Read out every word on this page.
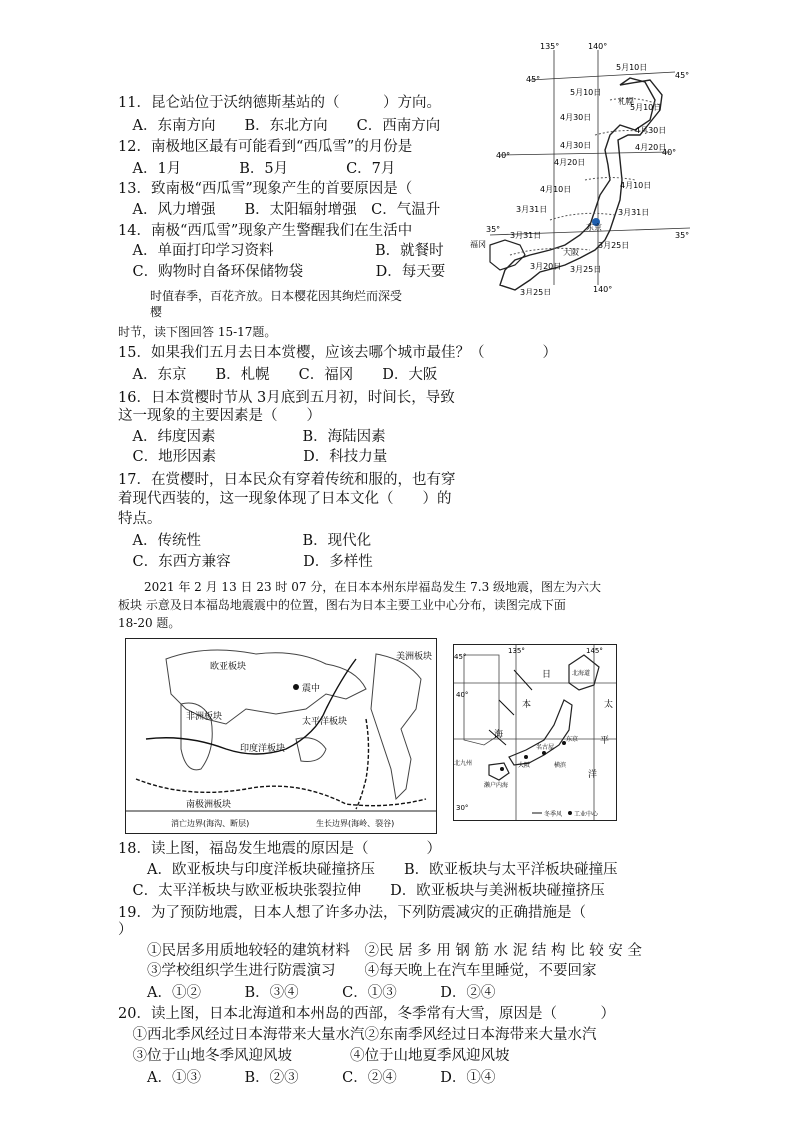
11．昆仑站位于沃纳德斯基站的（　　　）方向。
　A．东南方向　　B．东北方向　　C．西南方向
12．南极地区最有可能看到“西瓜雪”的月份是
　A．1月　　　　B．5月　　　　C．7月
13．致南极“西瓜雪”现象产生的首要原因是（
　A．风力增强　　B．太阳辐射增强　C．气温升
14．南极“西瓜雪”现象产生警醒我们在生活中
　A．单面打印学习资料　　　　　　　B．就餐时
　C．购物时自备环保储物袋　　　　　D．每天要
时值春季，百花齐放。日本樱花因其绚烂而深受
樱
时节，读下图回答 15-17题。
135°	140°
45°	45°
40°	40°
35°
35°
5月10日
5月10日
5月10日
4月30日
4月30日
4月30日	4月20日
4月20日
4月10日
4月10日
3月31日
3月31日
3月25日
3月25日
3月20日
3月25日
3月31日
札幌
东京
大阪
福冈
140°
15．如果我们五月去日本赏樱，应该去哪个城市最佳？（　　　　）
　A．东京　　B．札幌　　C．福冈　　D．大阪
16．日本赏樱时节从 3月底到五月初，时间长，导致
这一现象的主要因素是（　　）
　A．纬度因素　　　　　　B．海陆因素
　C．地形因素　　　　　　D．科技力量
17．在赏樱时，日本民众有穿着传统和服的，也有穿
着现代西装的，这一现象体现了日本文化（　　）的
特点。
　A．传统性　　　　　　　B．现代化
　C．东西方兼容　　　　　D．多样性
2021 年 2 月 13 日 23 时 07 分，在日本本州东岸福岛发生 7.3 级地震，图左为六大
板块 示意及日本福岛地震震中的位置，图右为日本主要工业中心分布，读图完成下面
18-20 题。
欧亚板块
非洲板块
印度洋板块
太平洋板块
美洲板块
南极洲板块
震中
消亡边界(海沟、断层)	生长边界(海岭、裂谷)
45°
135°	145°
40°
30°
日
本
海
太
平
洋
北海道
东京
名古屋
大阪
北九州
濑户内海
横滨
冬季风 工业中心
18．读上图，福岛发生地震的原因是（　　　　）
　　A．欧亚板块与印度洋板块碰撞挤压　　B．欧亚板块与太平洋板块碰撞压
　C．太平洋板块与欧亚板块张裂拉伸　　D．欧亚板块与美洲板块碰撞挤压
19．为了预防地震，日本人想了许多办法，下列防震减灾的正确措施是（
）
　　①民居多用质地较轻的建筑材料　②民 居 多 用 钢 筋 水 泥 结 构 比 较 安 全
　　③学校组织学生进行防震演习　　④每天晚上在汽车里睡觉，不要回家
　　A．①②　　　B．③④　　　C．①③　　　D．②④
20．读上图，日本北海道和本州岛的西部，冬季常有大雪，原因是（　　　）
　①西北季风经过日本海带来大量水汽②东南季风经过日本海带来大量水汽
　③位于山地冬季风迎风坡　　　　④位于山地夏季风迎风坡
　　A．①③　　　B．②③　　　C．②④　　　D．①④
